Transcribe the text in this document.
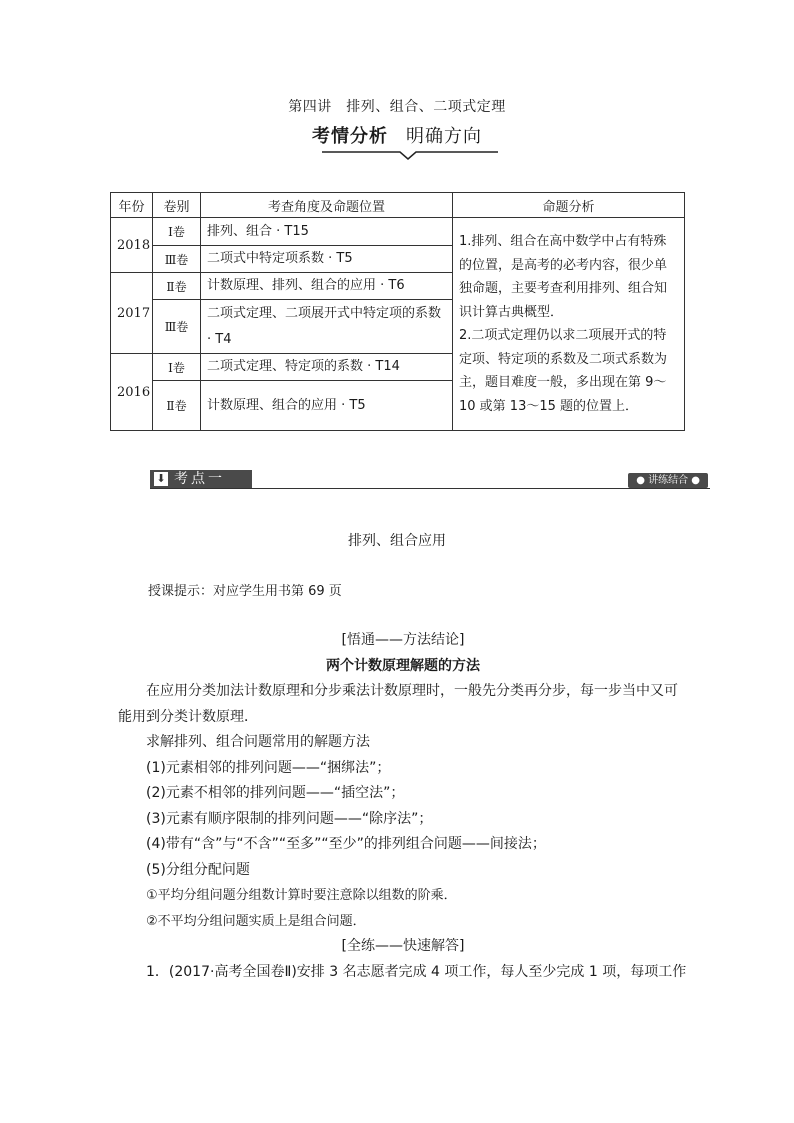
第四讲　排列、组合、二项式定理
考情分析 明确方向
年份	卷别	考查角度及命题位置	命题分析
2018	Ⅰ卷	排列、组合 · T15	1.排列、组合在高中数学中占有特殊的位置，是高考的必考内容，很少单独命题，主要考查利用排列、组合知识计算古典概型．

2.二项式定理仍以求二项展开式的特定项、特定项的系数及二项式系数为主，题目难度一般，多出现在第 9～10 或第 13～15 题的位置上．

	Ⅲ卷	二项式中特定项系数 · T5	
2017	Ⅱ卷	计数原理、排列、组合的应用 · T6	
	Ⅲ卷	二项式定理、二项展开式中特定项的系数 · T4	
2016	Ⅰ卷	二项式定理、特定项的系数 · T14	
	Ⅱ卷	计数原理、组合的应用 · T5	
⬇ 考点一	● 讲练结合 ●
排列、组合应用
授课提示：对应学生用书第 69 页

[悟通——方法结论]

两个计数原理解题的方法

在应用分类加法计数原理和分步乘法计数原理时，一般先分类再分步，每一步当中又可能用到分类计数原理．

求解排列、组合问题常用的解题方法

(1)元素相邻的排列问题——“捆绑法”；

(2)元素不相邻的排列问题——“插空法”；

(3)元素有顺序限制的排列问题——“除序法”；

(4)带有“含”与“不含”“至多”“至少”的排列组合问题——间接法；

(5)分组分配问题

①平均分组问题分组数计算时要注意除以组数的阶乘．

②不平均分组问题实质上是组合问题．

[全练——快速解答]

1．(2017·高考全国卷Ⅱ)安排 3 名志愿者完成 4 项工作，每人至少完成 1 项，每项工作
